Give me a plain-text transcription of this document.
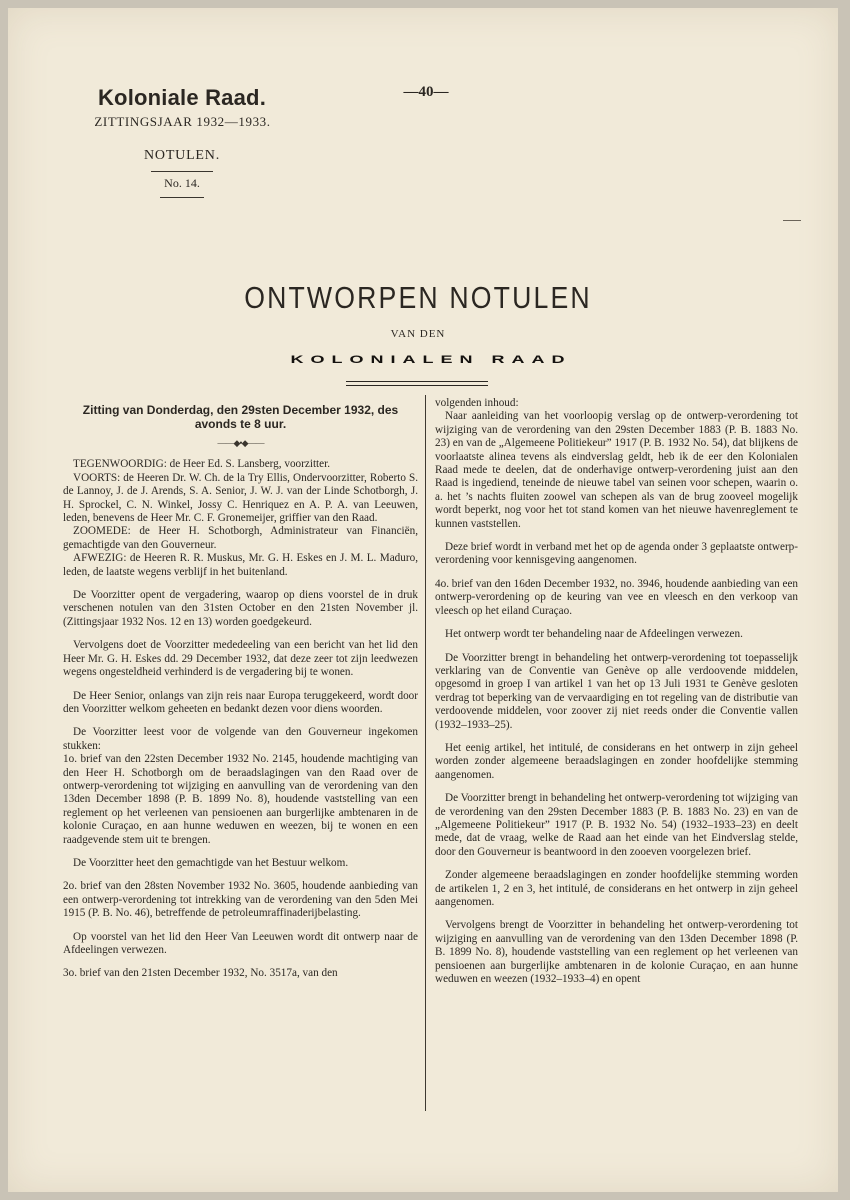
Koloniale Raad.
ZITTINGSJAAR 1932—1933.
NOTULEN.
No. 14.
—40—
ONTWORPEN NOTULEN
VAN DEN
KOLONIALEN RAAD
Zitting van Donderdag, den 29sten December 1932, des avonds te 8 uur.
——◆•◆——

TEGENWOORDIG: de Heer Ed. S. Lansberg, voorzitter.

VOORTS: de Heeren Dr. W. Ch. de la Try Ellis, Ondervoorzitter, Roberto S. de Lannoy, J. de J. Arends, S. A. Senior, J. W. J. van der Linde Schotborgh, J. H. Sprockel, C. N. Winkel, Jossy C. Henriquez en A. P. A. van Leeuwen, leden, benevens de Heer Mr. C. F. Gronemeijer, griffier van den Raad.

ZOOMEDE: de Heer H. Schotborgh, Administrateur van Financiën, gemachtigde van den Gouverneur.

AFWEZIG: de Heeren R. R. Muskus, Mr. G. H. Eskes en J. M. L. Maduro, leden, de laatste wegens verblijf in het buitenland.

De Voorzitter opent de vergadering, waarop op diens voorstel de in druk verschenen notulen van den 31sten October en den 21sten November jl. (Zittingsjaar 1932 Nos. 12 en 13) worden goedgekeurd.

Vervolgens doet de Voorzitter mededeeling van een bericht van het lid den Heer Mr. G. H. Eskes dd. 29 December 1932, dat deze zeer tot zijn leedwezen wegens ongesteldheid verhinderd is de vergadering bij te wonen.

De Heer Senior, onlangs van zijn reis naar Europa teruggekeerd, wordt door den Voorzitter welkom geheeten en bedankt dezen voor diens woorden.

De Voorzitter leest voor de volgende van den Gouverneur ingekomen stukken:

1o. brief van den 22sten December 1932 No. 2145, houdende machtiging van den Heer H. Schotborgh om de beraadslagingen van den Raad over de ontwerp-verordening tot wijziging en aanvulling van de verordening van den 13den December 1898 (P. B. 1899 No. 8), houdende vaststelling van een reglement op het verleenen van pensioenen aan burgerlijke ambtenaren in de kolonie Curaçao, en aan hunne weduwen en weezen, bij te wonen en een raadgevende stem uit te brengen.

De Voorzitter heet den gemachtigde van het Bestuur welkom.

2o. brief van den 28sten November 1932 No. 3605, houdende aanbieding van een ontwerp-verordening tot intrekking van de verordening van den 5den Mei 1915 (P. B. No. 46), betreffende de petroleumraffinaderijbelasting.

Op voorstel van het lid den Heer Van Leeuwen wordt dit ontwerp naar de Afdeelingen verwezen.

3o. brief van den 21sten December 1932, No. 3517a, van den

volgenden inhoud:

Naar aanleiding van het voorloopig verslag op de ontwerp-verordening tot wijziging van de verordening van den 29sten December 1883 (P. B. 1883 No. 23) en van de „Algemeene Politiekeur” 1917 (P. B. 1932 No. 54), dat blijkens de voorlaatste alinea tevens als eindverslag geldt, heb ik de eer den Kolonialen Raad mede te deelen, dat de onderhavige ontwerp-verordening juist aan den Raad is ingediend, teneinde de nieuwe tabel van seinen voor schepen, waarin o. a. het ’s nachts fluiten zoowel van schepen als van de brug zooveel mogelijk wordt beperkt, nog voor het tot stand komen van het nieuwe havenreglement te kunnen vaststellen.

Deze brief wordt in verband met het op de agenda onder 3 geplaatste ontwerp-verordening voor kennisgeving aangenomen.

4o. brief van den 16den December 1932, no. 3946, houdende aanbieding van een ontwerp-verordening op de keuring van vee en vleesch en den verkoop van vleesch op het eiland Curaçao.

Het ontwerp wordt ter behandeling naar de Afdeelingen verwezen.

De Voorzitter brengt in behandeling het ontwerp-verordening tot toepasselijk verklaring van de Conventie van Genève op alle verdoovende middelen, opgesomd in groep I van artikel 1 van het op 13 Juli 1931 te Genève gesloten verdrag tot beperking van de vervaardiging en tot regeling van de distributie van verdoovende middelen, voor zoover zij niet reeds onder die Conventie vallen (1932–1933–25).

Het eenig artikel, het intitulé, de considerans en het ontwerp in zijn geheel worden zonder algemeene beraadslagingen en zonder hoofdelijke stemming aangenomen.

De Voorzitter brengt in behandeling het ontwerp-verordening tot wijziging van de verordening van den 29sten December 1883 (P. B. 1883 No. 23) en van de „Algemeene Politiekeur” 1917 (P. B. 1932 No. 54) (1932–1933–23) en deelt mede, dat de vraag, welke de Raad aan het einde van het Eindverslag stelde, door den Gouverneur is beantwoord in den zooeven voorgelezen brief.

Zonder algemeene beraadslagingen en zonder hoofdelijke stemming worden de artikelen 1, 2 en 3, het intitulé, de considerans en het ontwerp in zijn geheel aangenomen.

Vervolgens brengt de Voorzitter in behandeling het ontwerp-verordening tot wijziging en aanvulling van de verordening van den 13den December 1898 (P. B. 1899 No. 8), houdende vaststelling van een reglement op het verleenen van pensioenen aan burgerlijke ambtenaren in de kolonie Curaçao, en aan hunne weduwen en weezen (1932–1933–4) en opent
